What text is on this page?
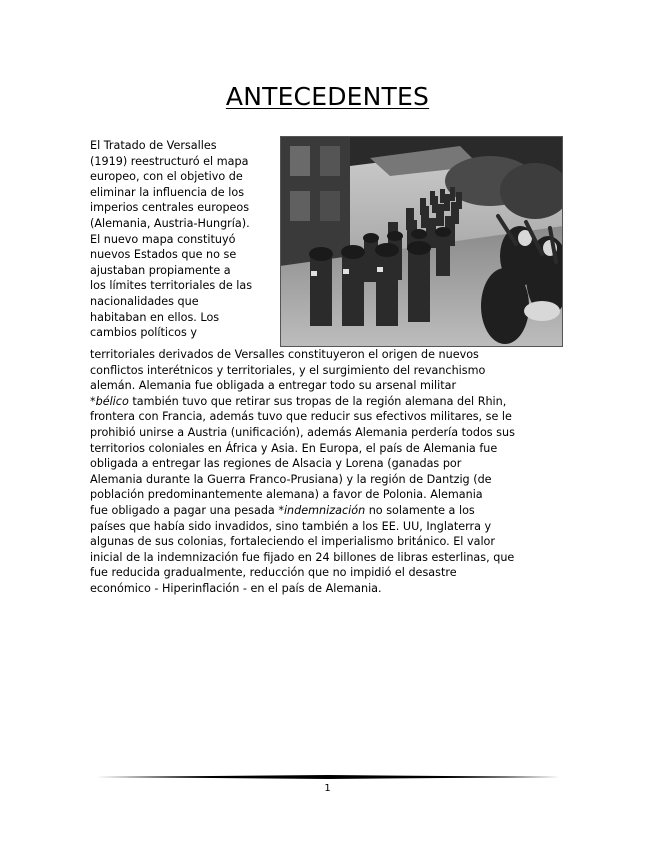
ANTECEDENTES
El Tratado de Versalles
(1919) reestructuró el mapa
europeo, con el objetivo de
eliminar la influencia de los
imperios centrales europeos
(Alemania, Austria-Hungría).
El nuevo mapa constituyó
nuevos Estados que no se
ajustaban propiamente a
los límites territoriales de las
nacionalidades que
habitaban en ellos. Los
cambios políticos y
territoriales derivados de Versalles constituyeron el origen de nuevos
conflictos interétnicos y territoriales, y el surgimiento del revanchismo
alemán. Alemania fue obligada a entregar todo su arsenal militar
*bélico también tuvo que retirar sus tropas de la región alemana del Rhin,
frontera con Francia, además tuvo que reducir sus efectivos militares, se le
prohibió unirse a Austria (unificación), además Alemania perdería todos sus
territorios coloniales en África y Asia. En Europa, el país de Alemania fue
obligada a entregar las regiones de Alsacia y Lorena (ganadas por
Alemania durante la Guerra Franco-Prusiana) y la región de Dantzig (de
población predominantemente alemana) a favor de Polonia. Alemania
fue obligado a pagar una pesada *indemnización no solamente a los
países que había sido invadidos, sino también a los EE. UU, Inglaterra y
algunas de sus colonias, fortaleciendo el imperialismo británico. El valor
inicial de la indemnización fue fijado en 24 billones de libras esterlinas, que
fue reducida gradualmente, reducción que no impidió el desastre
económico - Hiperinflación - en el país de Alemania.
1
